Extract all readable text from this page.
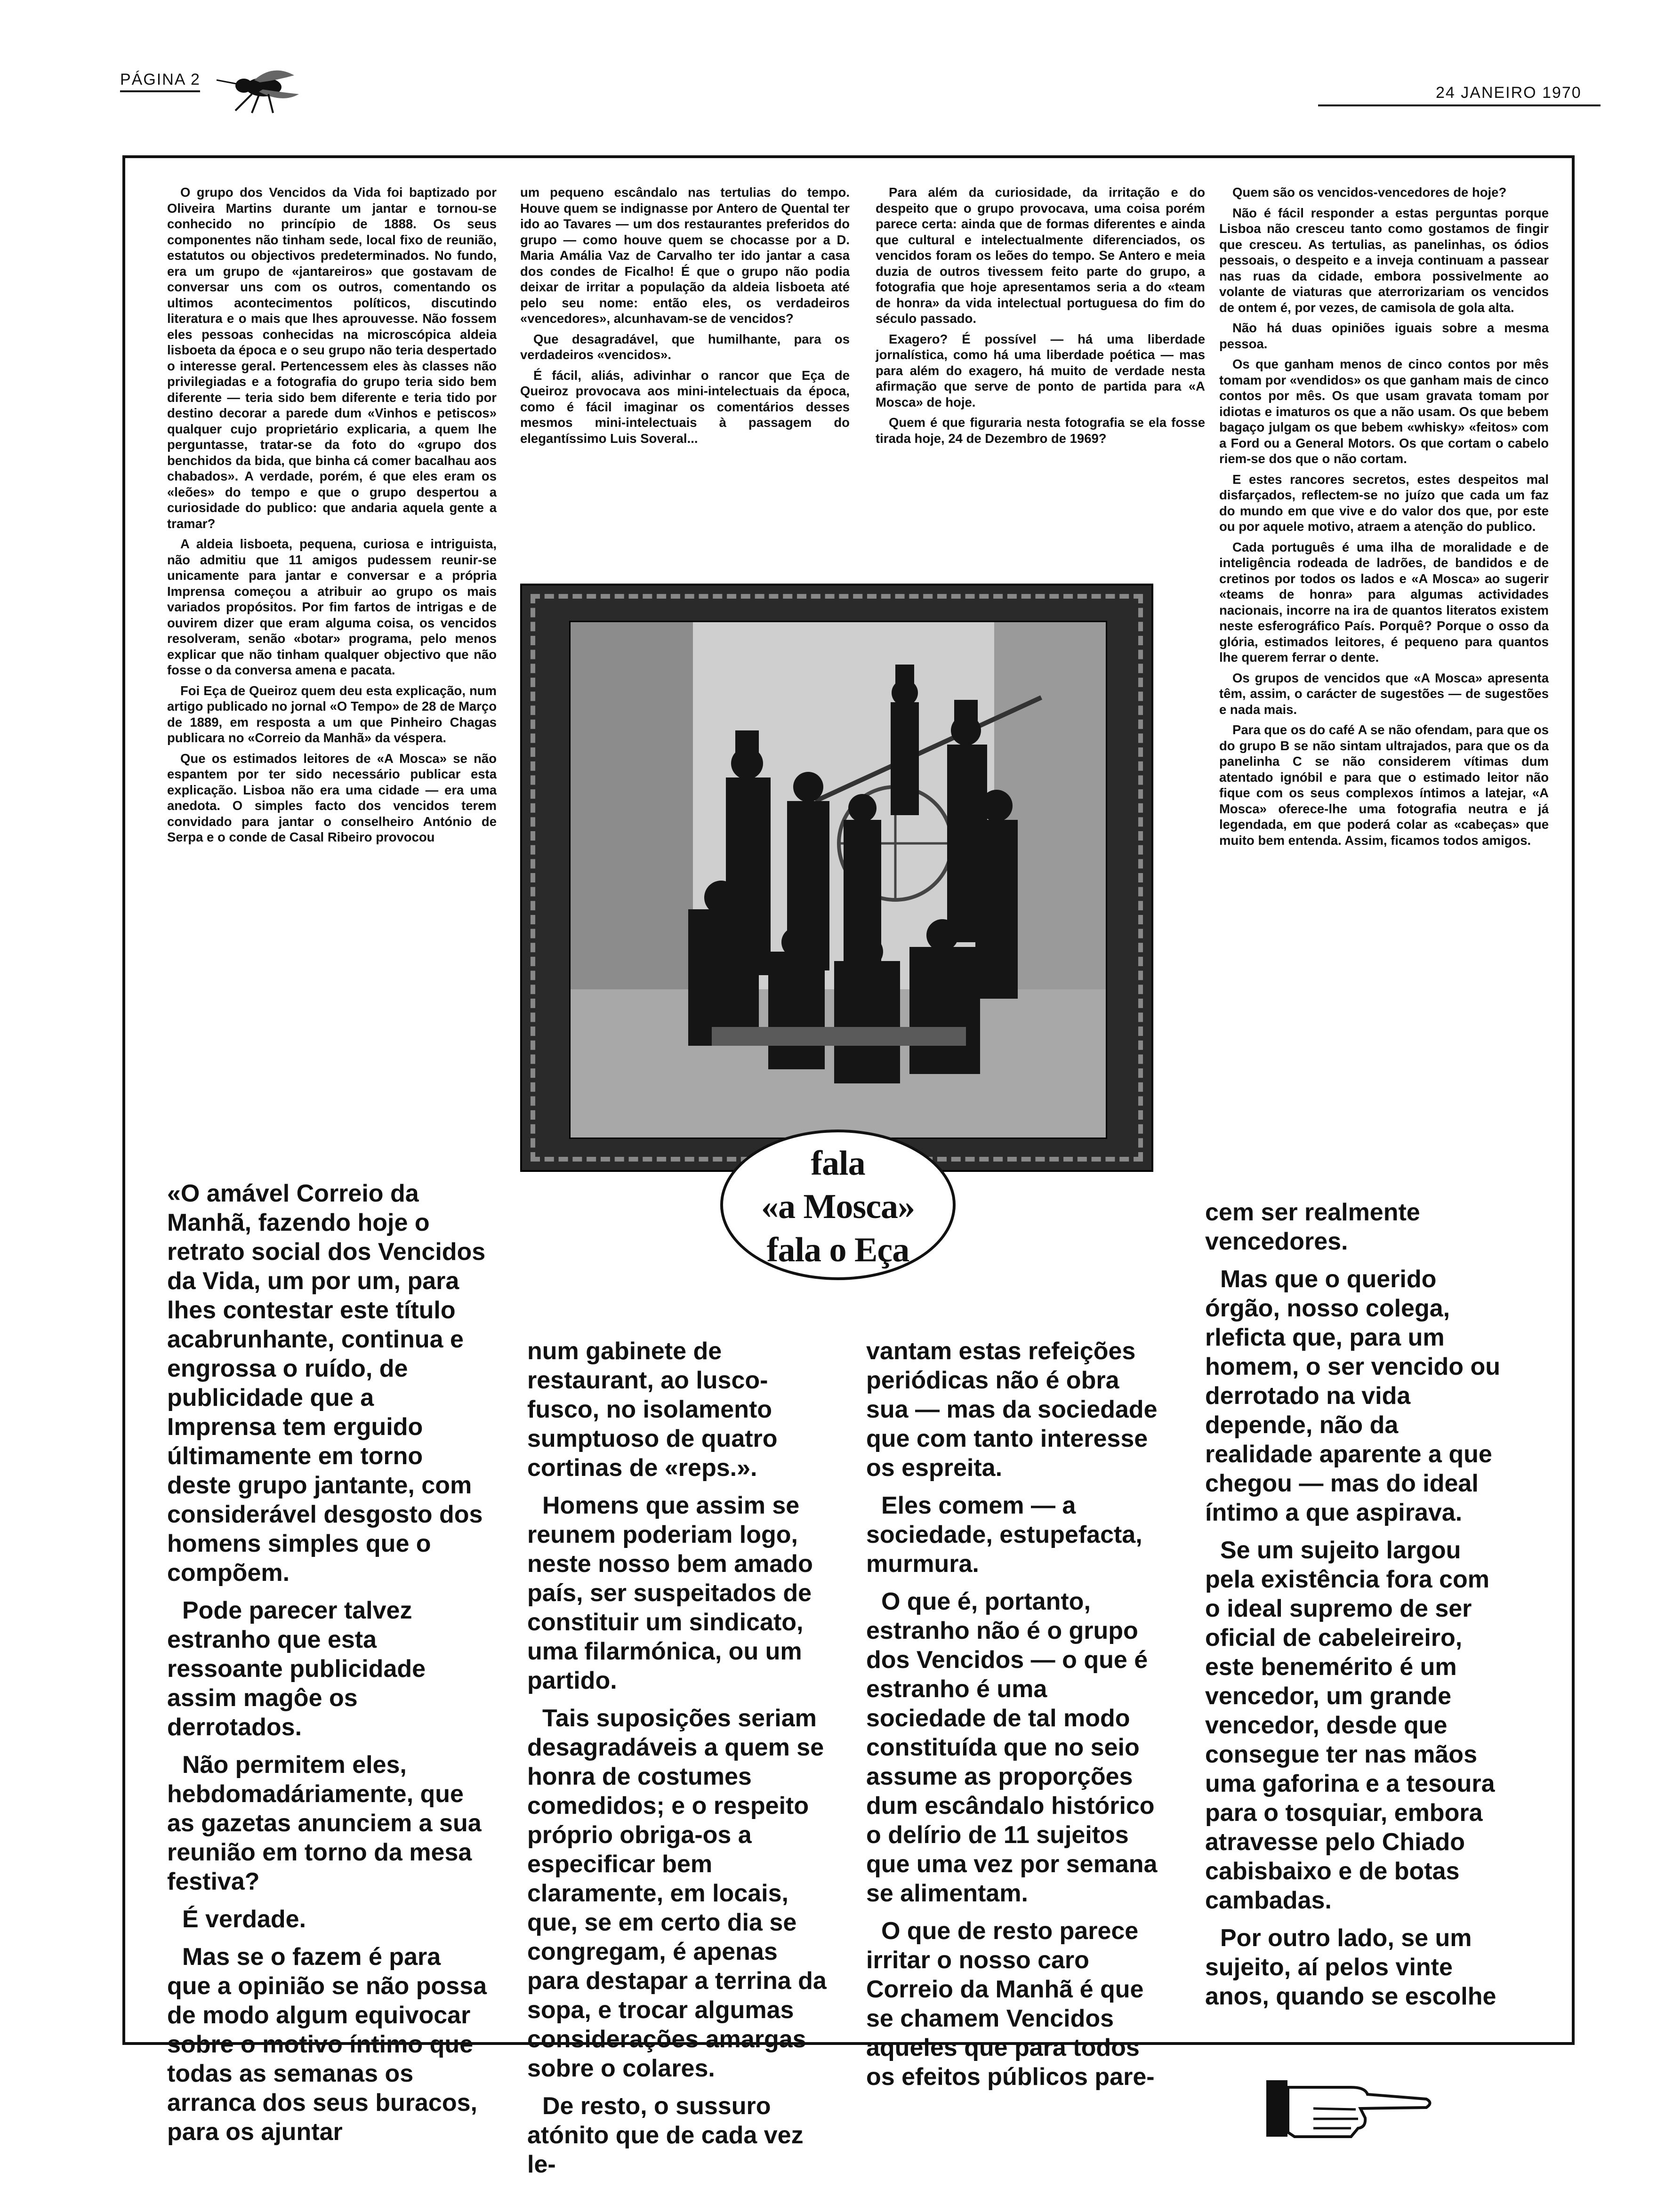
PÁGINA 2
24 JANEIRO 1970

O grupo dos Vencidos da Vida foi baptizado por Oliveira Martins durante um jantar e tornou-se conhecido no princípio de 1888. Os seus componentes não tinham sede, local fixo de reunião, estatutos ou objectivos predeterminados. No fundo, era um grupo de «jantareiros» que gostavam de conversar uns com os outros, comentando os ultimos acontecimentos políticos, discutindo literatura e o mais que lhes aprouvesse. Não fossem eles pessoas conhecidas na microscópica aldeia lisboeta da época e o seu grupo não teria despertado o interesse geral. Pertencessem eles às classes não privilegiadas e a fotografia do grupo teria sido bem diferente — teria sido bem diferente e teria tido por destino decorar a parede dum «Vinhos e petiscos» qualquer cujo proprietário explicaria, a quem lhe perguntasse, tratar-se da foto do «grupo dos benchidos da bida, que binha cá comer bacalhau aos chabados». A verdade, porém, é que eles eram os «leões» do tempo e que o grupo despertou a curiosidade do publico: que andaria aquela gente a tramar?

A aldeia lisboeta, pequena, curiosa e intriguista, não admitiu que 11 amigos pudessem reunir-se unicamente para jantar e conversar e a própria Imprensa começou a atribuir ao grupo os mais variados propósitos. Por fim fartos de intrigas e de ouvirem dizer que eram alguma coisa, os vencidos resolveram, senão «botar» programa, pelo menos explicar que não tinham qualquer objectivo que não fosse o da conversa amena e pacata.

Foi Eça de Queiroz quem deu esta explicação, num artigo publicado no jornal «O Tempo» de 28 de Março de 1889, em resposta a um que Pinheiro Chagas publicara no «Correio da Manhã» da véspera.

Que os estimados leitores de «A Mosca» se não espantem por ter sido necessário publicar esta explicação. Lisboa não era uma cidade — era uma anedota. O simples facto dos vencidos terem convidado para jantar o conselheiro António de Serpa e o conde de Casal Ribeiro provocou

um pequeno escândalo nas tertulias do tempo. Houve quem se indignasse por Antero de Quental ter ido ao Tavares — um dos restaurantes preferidos do grupo — como houve quem se chocasse por a D. Maria Amália Vaz de Carvalho ter ido jantar a casa dos condes de Ficalho! É que o grupo não podia deixar de irritar a população da aldeia lisboeta até pelo seu nome: então eles, os verdadeiros «vencedores», alcunhavam-se de vencidos?

Que desagradável, que humilhante, para os verdadeiros «vencidos».

É fácil, aliás, adivinhar o rancor que Eça de Queiroz provocava aos mini-intelectuais da época, como é fácil imaginar os comentários desses mesmos mini-intelectuais à passagem do elegantíssimo Luis Soveral...

Para além da curiosidade, da irritação e do despeito que o grupo provocava, uma coisa porém parece certa: ainda que de formas diferentes e ainda que cultural e intelectualmente diferenciados, os vencidos foram os leões do tempo. Se Antero e meia duzia de outros tivessem feito parte do grupo, a fotografia que hoje apresentamos seria a do «team de honra» da vida intelectual portuguesa do fim do século passado.

Exagero? É possível — há uma liberdade jornalística, como há uma liberdade poética — mas para além do exagero, há muito de verdade nesta afirmação que serve de ponto de partida para «A Mosca» de hoje.

Quem é que figuraria nesta fotografia se ela fosse tirada hoje, 24 de Dezembro de 1969?

Quem são os vencidos-vencedores de hoje?

Não é fácil responder a estas perguntas porque Lisboa não cresceu tanto como gostamos de fingir que cresceu. As tertulias, as panelinhas, os ódios pessoais, o despeito e a inveja continuam a passear nas ruas da cidade, embora possivelmente ao volante de viaturas que aterrorizariam os vencidos de ontem é, por vezes, de camisola de gola alta.

Não há duas opiniões iguais sobre a mesma pessoa.

Os que ganham menos de cinco contos por mês tomam por «vendidos» os que ganham mais de cinco contos por mês. Os que usam gravata tomam por idiotas e imaturos os que a não usam. Os que bebem bagaço julgam os que bebem «whisky» «feitos» com a Ford ou a General Motors. Os que cortam o cabelo riem-se dos que o não cortam.

E estes rancores secretos, estes despeitos mal disfarçados, reflectem-se no juízo que cada um faz do mundo em que vive e do valor dos que, por este ou por aquele motivo, atraem a atenção do publico.

Cada português é uma ilha de moralidade e de inteligência rodeada de ladrões, de bandidos e de cretinos por todos os lados e «A Mosca» ao sugerir «teams de honra» para algumas actividades nacionais, incorre na ira de quantos literatos existem neste esferográfico País. Porquê? Porque o osso da glória, estimados leitores, é pequeno para quantos lhe querem ferrar o dente.

Os grupos de vencidos que «A Mosca» apresenta têm, assim, o carácter de sugestões — de sugestões e nada mais.

Para que os do café A se não ofendam, para que os do grupo B se não sintam ultrajados, para que os da panelinha C se não considerem vítimas dum atentado ignóbil e para que o estimado leitor não fique com os seus complexos íntimos a latejar, «A Mosca» oferece-lhe uma fotografia neutra e já legendada, em que poderá colar as «cabeças» que muito bem entenda. Assim, ficamos todos amigos.

fala
«a Mosca»
fala o Eça

«O amável Correio da Manhã, fazendo hoje o retrato social dos Vencidos da Vida, um por um, para lhes contestar este título acabrunhante, continua e engrossa o ruído, de publicidade que a Imprensa tem erguido últimamente em torno deste grupo jantante, com considerável desgosto dos homens simples que o compõem.

Pode parecer talvez estranho que esta ressoante publicidade assim magôe os derrotados.

Não permitem eles, hebdomadáriamente, que as gazetas anunciem a sua reunião em torno da mesa festiva?

É verdade.

Mas se o fazem é para que a opinião se não possa de modo algum equivocar sobre o motivo íntimo que todas as semanas os arranca dos seus buracos, para os ajuntar

num gabinete de restaurant, ao lusco-fusco, no isolamento sumptuoso de quatro cortinas de «reps.».

Homens que assim se reunem poderiam logo, neste nosso bem amado país, ser suspeitados de constituir um sindicato, uma filarmónica, ou um partido.

Tais suposições seriam desagradáveis a quem se honra de costumes comedidos; e o respeito próprio obriga-os a especificar bem claramente, em locais, que, se em certo dia se congregam, é apenas para destapar a terrina da sopa, e trocar algumas considerações amargas sobre o colares.

De resto, o sussuro atónito que de cada vez le-

vantam estas refeições periódicas não é obra sua — mas da sociedade que com tanto interesse os espreita.

Eles comem — a sociedade, estupefacta, murmura.

O que é, portanto, estranho não é o grupo dos Vencidos — o que é estranho é uma sociedade de tal modo constituída que no seio assume as proporções dum escândalo histórico o delírio de 11 sujeitos que uma vez por semana se alimentam.

O que de resto parece irritar o nosso caro Correio da Manhã é que se chamem Vencidos aqueles que para todos os efeitos públicos pare-

cem ser realmente vencedores.

Mas que o querido órgão, nosso colega, rleficta que, para um homem, o ser vencido ou derrotado na vida depende, não da realidade aparente a que chegou — mas do ideal íntimo a que aspirava.

Se um sujeito largou pela existência fora com o ideal supremo de ser oficial de cabeleireiro, este benemérito é um vencedor, um grande vencedor, desde que consegue ter nas mãos uma gaforina e a tesoura para o tosquiar, embora atravesse pelo Chiado cabisbaixo e de botas cambadas.

Por outro lado, se um sujeito, aí pelos vinte anos, quando se escolhe
